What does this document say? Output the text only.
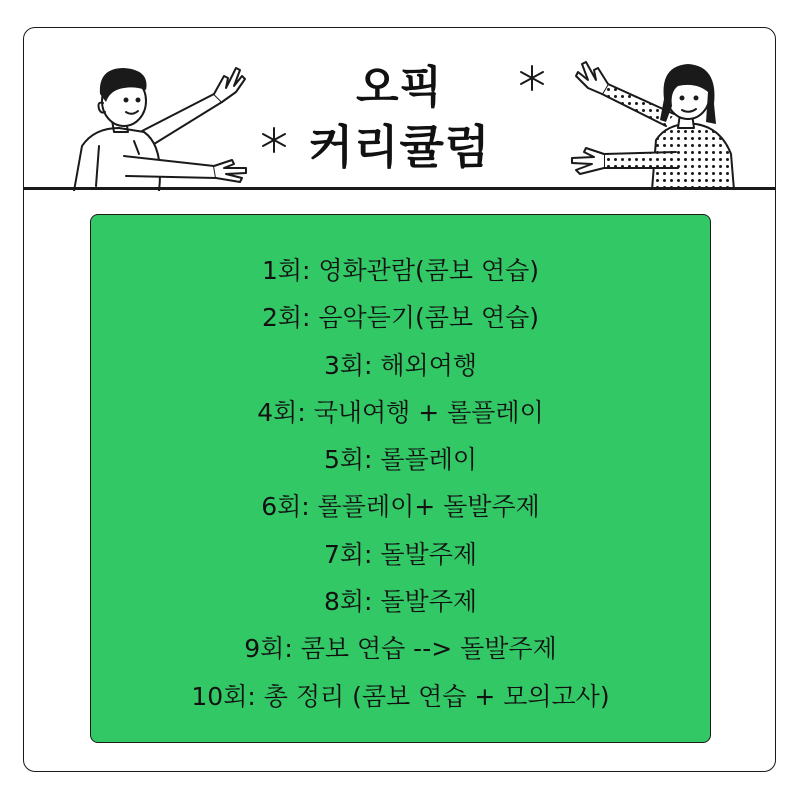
오픽
커리큘럼
1회: 영화관람(콤보 연습)
2회: 음악듣기(콤보 연습)
3회: 해외여행
4회: 국내여행 + 롤플레이
5회: 롤플레이
6회: 롤플레이+ 돌발주제
7회: 돌발주제
8회: 돌발주제
9회: 콤보 연습 --> 돌발주제
10회: 총 정리 (콤보 연습 + 모의고사)
